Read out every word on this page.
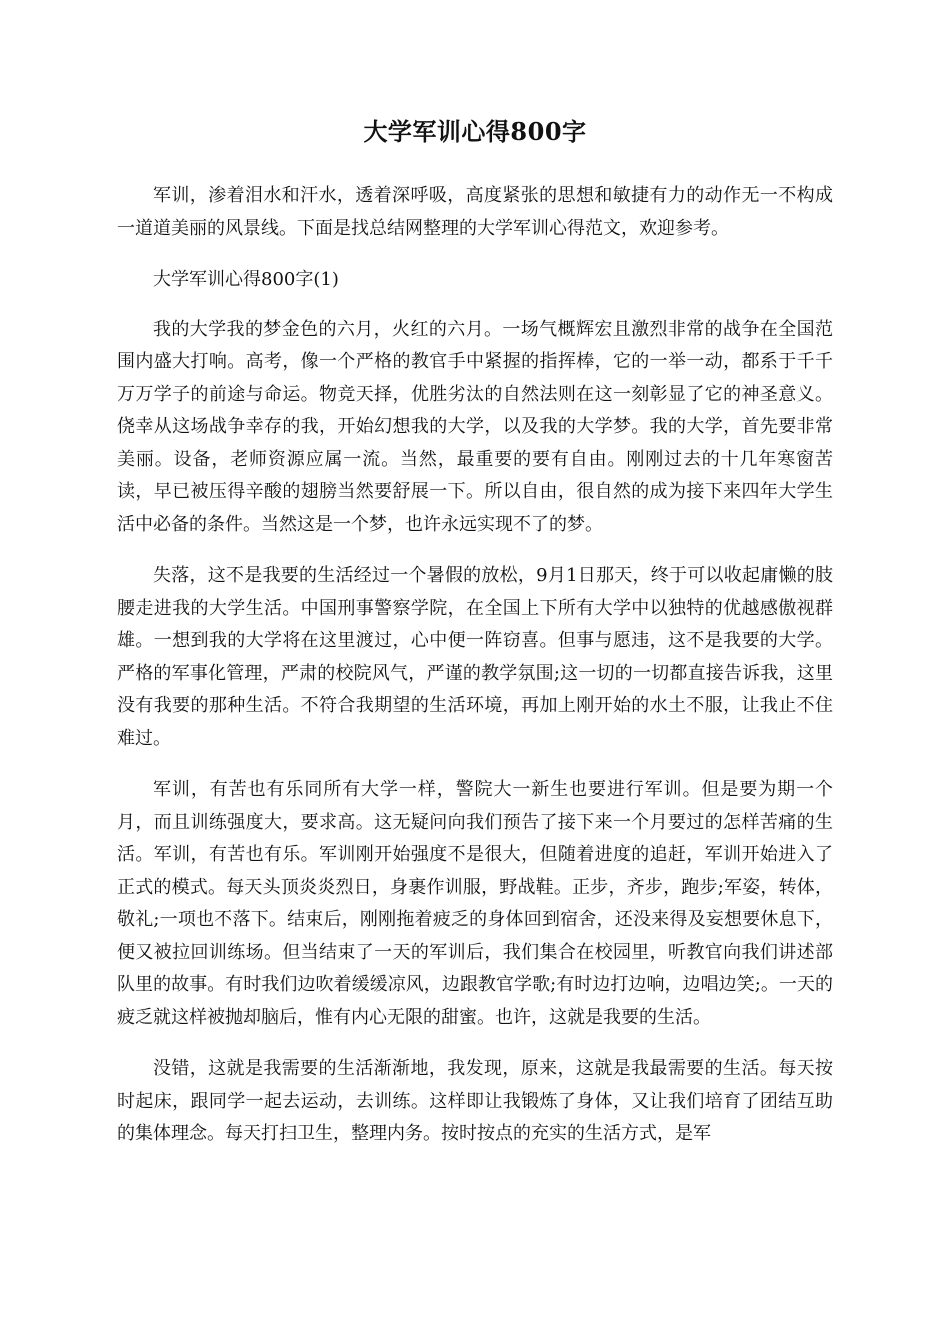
大学军训心得800字

军训，渗着泪水和汗水，透着深呼吸，高度紧张的思想和敏捷有力的动作无一不构成一道道美丽的风景线。下面是找总结网整理的大学军训心得范文，欢迎参考。

大学军训心得800字(1)

我的大学我的梦金色的六月，火红的六月。一场气概辉宏且激烈非常的战争在全国范围内盛大打响。高考，像一个严格的教官手中紧握的指挥棒，它的一举一动，都系于千千万万学子的前途与命运。物竞天择，优胜劣汰的自然法则在这一刻彰显了它的神圣意义。侥幸从这场战争幸存的我，开始幻想我的大学，以及我的大学梦。我的大学，首先要非常美丽。设备，老师资源应属一流。当然，最重要的要有自由。刚刚过去的十几年寒窗苦读，早已被压得辛酸的翅膀当然要舒展一下。所以自由，很自然的成为接下来四年大学生活中必备的条件。当然这是一个梦，也许永远实现不了的梦。

失落，这不是我要的生活经过一个暑假的放松，9月1日那天，终于可以收起庸懒的肢腰走进我的大学生活。中国刑事警察学院，在全国上下所有大学中以独特的优越感傲视群雄。一想到我的大学将在这里渡过，心中便一阵窃喜。但事与愿违，这不是我要的大学。严格的军事化管理，严肃的校院风气，严谨的教学氛围;这一切的一切都直接告诉我，这里没有我要的那种生活。不符合我期望的生活环境，再加上刚开始的水土不服，让我止不住难过。

军训，有苦也有乐同所有大学一样，警院大一新生也要进行军训。但是要为期一个月，而且训练强度大，要求高。这无疑问向我们预告了接下来一个月要过的怎样苦痛的生活。军训，有苦也有乐。军训刚开始强度不是很大，但随着进度的追赶，军训开始进入了正式的模式。每天头顶炎炎烈日，身裹作训服，野战鞋。正步，齐步，跑步;军姿，转体，敬礼;一项也不落下。结束后，刚刚拖着疲乏的身体回到宿舍，还没来得及妄想要休息下，便又被拉回训练场。但当结束了一天的军训后，我们集合在校园里，听教官向我们讲述部队里的故事。有时我们边吹着缓缓凉风，边跟教官学歌;有时边打边响，边唱边笑;。一天的疲乏就这样被抛却脑后，惟有内心无限的甜蜜。也许，这就是我要的生活。

没错，这就是我需要的生活渐渐地，我发现，原来，这就是我最需要的生活。每天按时起床，跟同学一起去运动，去训练。这样即让我锻炼了身体，又让我们培育了团结互助的集体理念。每天打扫卫生，整理内务。按时按点的充实的生活方式，是军
